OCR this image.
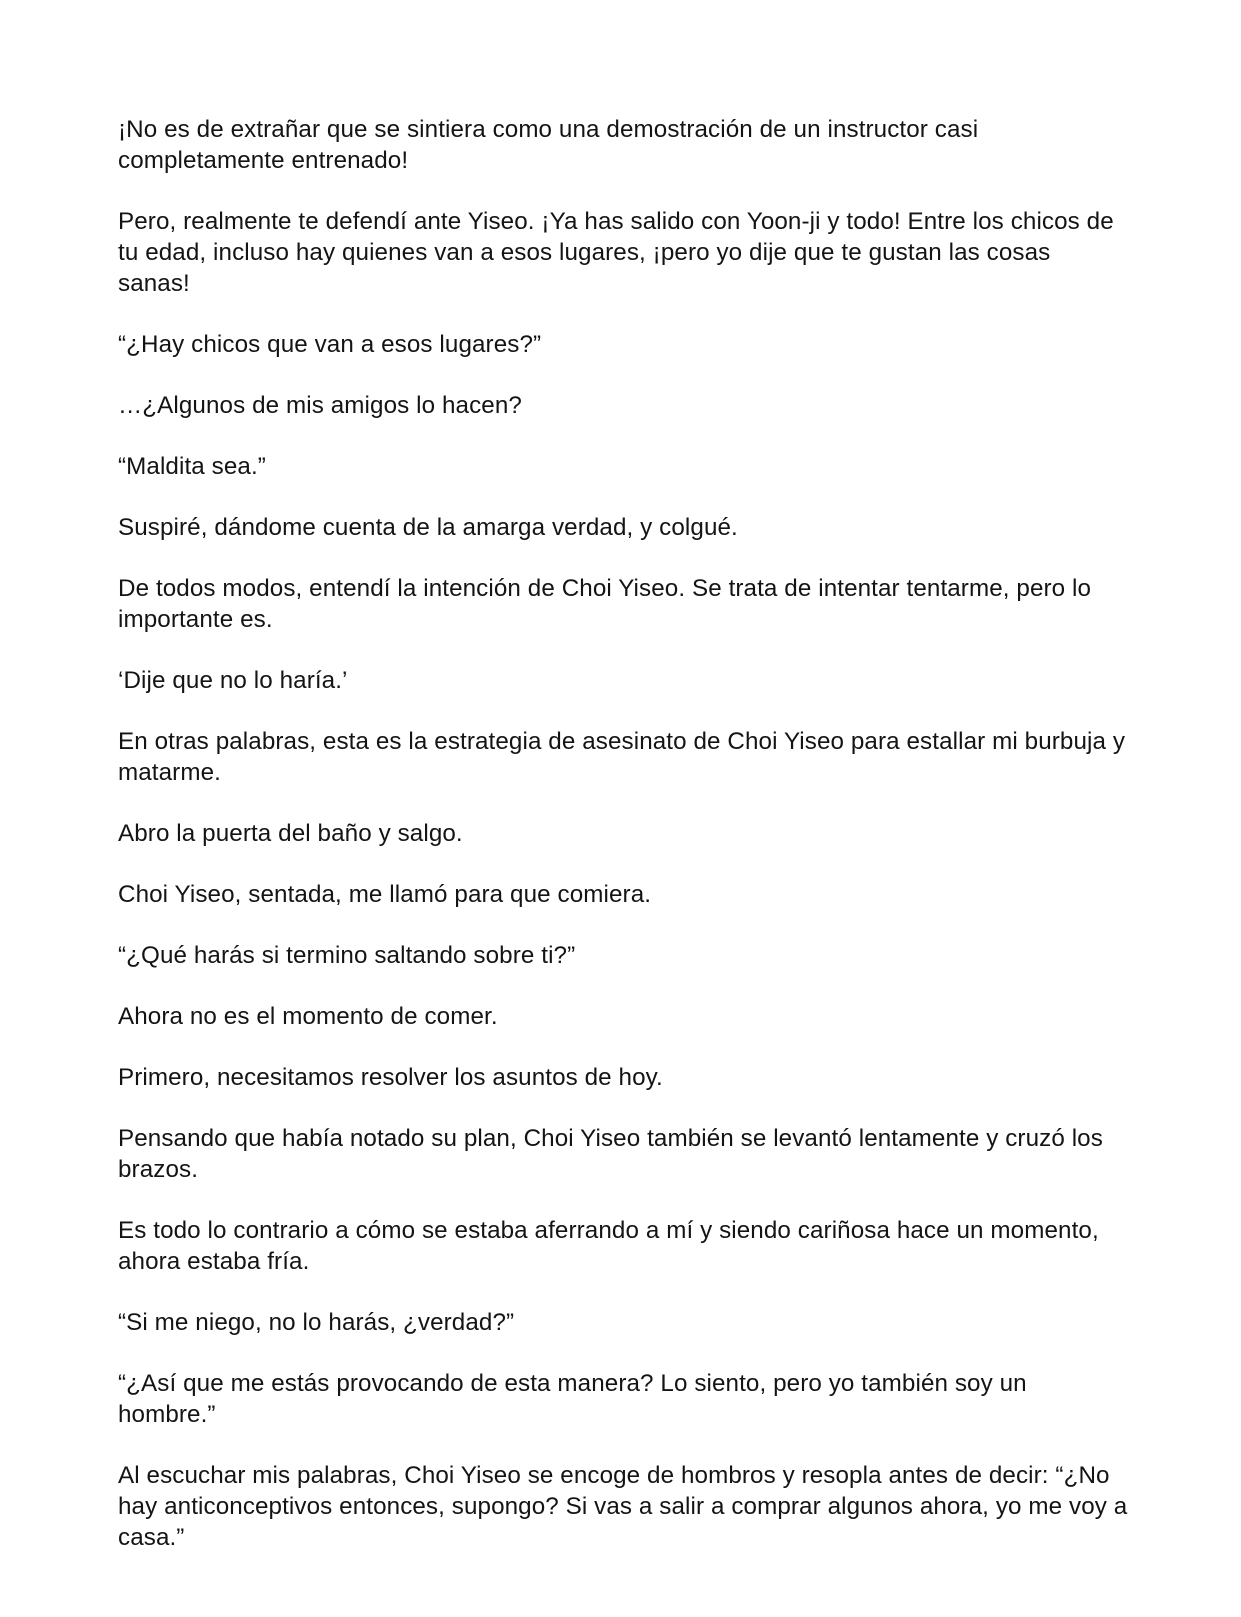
¡No es de extrañar que se sintiera como una demostración de un instructor casi completamente entrenado!

Pero, realmente te defendí ante Yiseo. ¡Ya has salido con Yoon-ji y todo! Entre los chicos de tu edad, incluso hay quienes van a esos lugares, ¡pero yo dije que te gustan las cosas sanas!

“¿Hay chicos que van a esos lugares?”

…¿Algunos de mis amigos lo hacen?

“Maldita sea.”

Suspiré, dándome cuenta de la amarga verdad, y colgué.

De todos modos, entendí la intención de Choi Yiseo. Se trata de intentar tentarme, pero lo importante es.

‘Dije que no lo haría.’

En otras palabras, esta es la estrategia de asesinato de Choi Yiseo para estallar mi burbuja y matarme.

Abro la puerta del baño y salgo.

Choi Yiseo, sentada, me llamó para que comiera.

“¿Qué harás si termino saltando sobre ti?”

Ahora no es el momento de comer.

Primero, necesitamos resolver los asuntos de hoy.

Pensando que había notado su plan, Choi Yiseo también se levantó lentamente y cruzó los brazos.

Es todo lo contrario a cómo se estaba aferrando a mí y siendo cariñosa hace un momento, ahora estaba fría.

“Si me niego, no lo harás, ¿verdad?”

“¿Así que me estás provocando de esta manera? Lo siento, pero yo también soy un hombre.”

Al escuchar mis palabras, Choi Yiseo se encoge de hombros y resopla antes de decir: “¿No hay anticonceptivos entonces, supongo? Si vas a salir a comprar algunos ahora, yo me voy a casa.”
